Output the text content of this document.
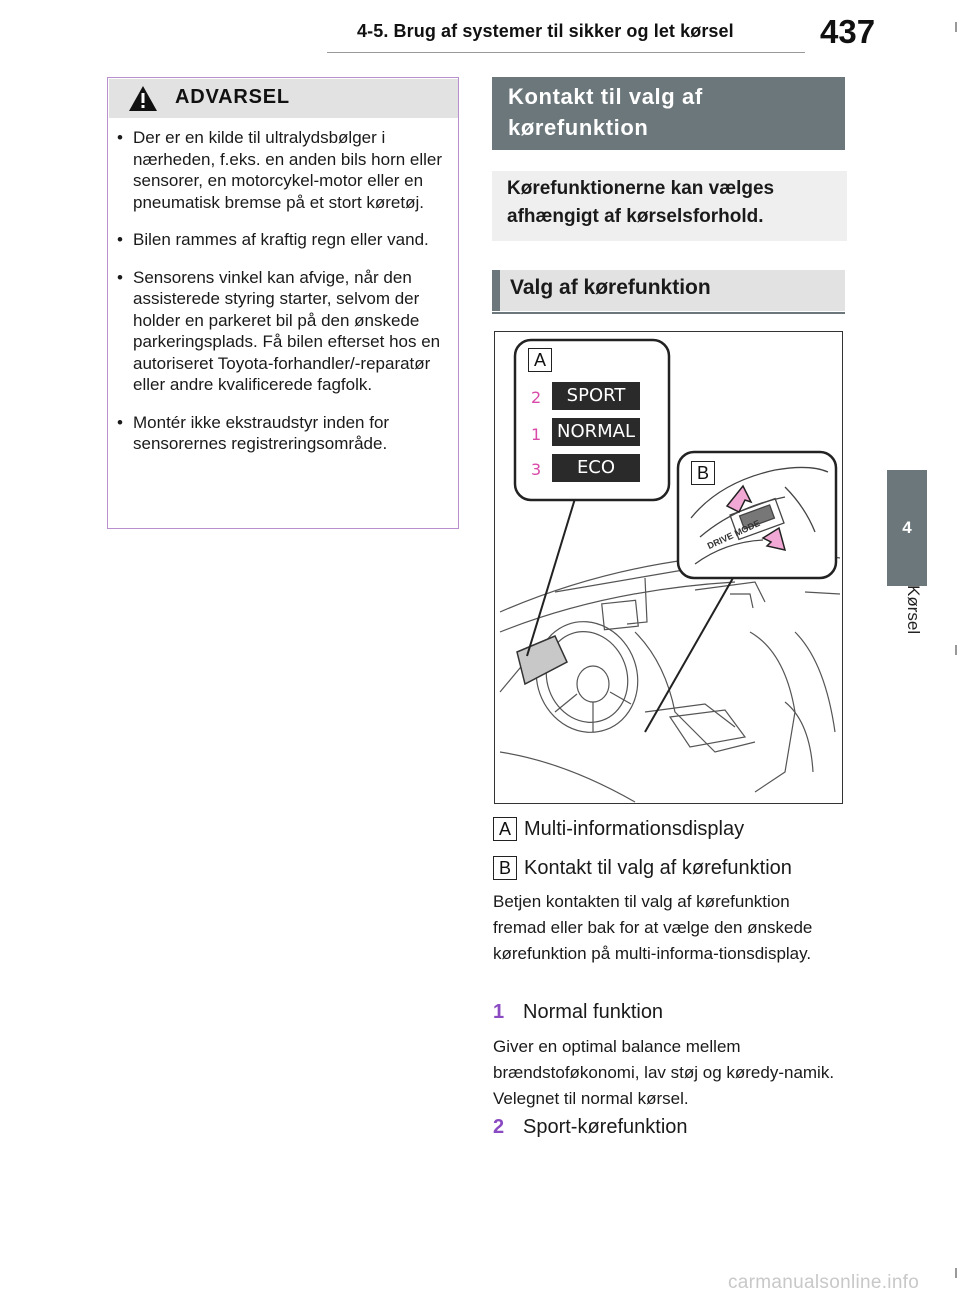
4-5. Brug af systemer til sikker og let kørsel	437
4
Kørsel
ADVARSEL
• Der er en kilde til ultralydsbølger i nærheden, f.eks. en anden bils horn eller sensorer, en motorcykel-motor eller en pneumatisk bremse på et stort køretøj.
• Bilen rammes af kraftig regn eller vand.
• Sensorens vinkel kan afvige, når den assisterede styring starter, selvom der holder en parkeret bil på den ønskede parkeringsplads. Få bilen efterset hos en autoriseret Toyota-forhandler/-reparatør eller andre kvalificerede fagfolk.
• Montér ikke ekstraudstyr inden for sensorernes registreringsområde.
Kontakt til valg af kørefunktion
Kørefunktionerne kan vælges afhængigt af kørselsforhold.
Valg af kørefunktion
DRIVE MODE
A
B
2	SPORT
1 NORMAL
3	ECO
A Multi-informationsdisplay
B Kontakt til valg af kørefunktion
Betjen kontakten til valg af kørefunktion fremad eller bak for at vælge den ønskede kørefunktion på multi-informa-tionsdisplay.
1 Normal funktion
Giver en optimal balance mellem brændstoføkonomi, lav støj og køredy-namik. Velegnet til normal kørsel.
2 Sport-kørefunktion
carmanualsonline.info
